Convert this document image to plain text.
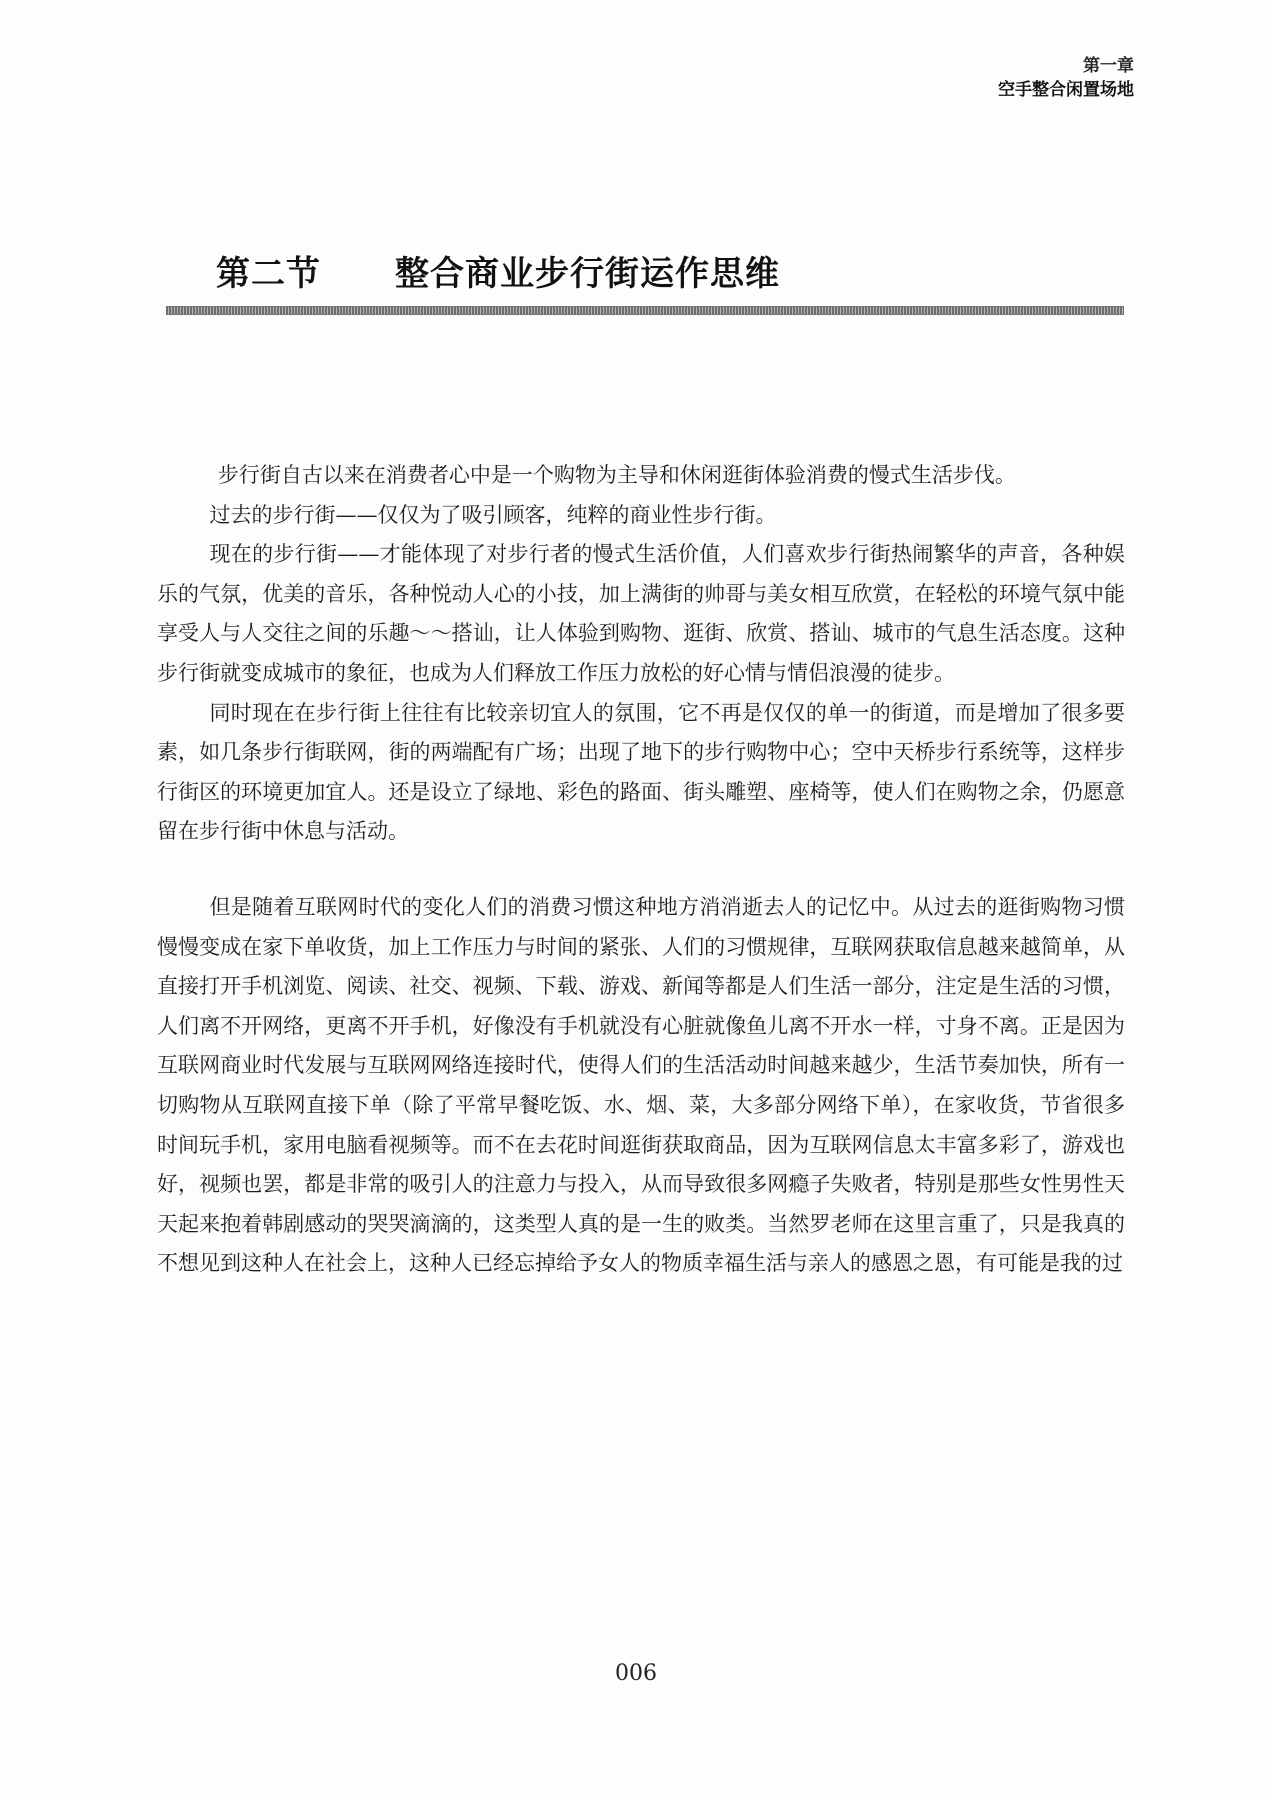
第一章
空手整合闲置场地
第二节 整合商业步行街运作思维

步行街自古以来在消费者心中是一个购物为主导和休闲逛街体验消费的慢式生活步伐。

过去的步行街——仅仅为了吸引顾客，纯粹的商业性步行街。

现在的步行街——才能体现了对步行者的慢式生活价值，人们喜欢步行街热闹繁华的声音，各种娱乐的气氛，优美的音乐，各种悦动人心的小技，加上满街的帅哥与美女相互欣赏，在轻松的环境气氛中能享受人与人交往之间的乐趣～～搭讪，让人体验到购物、逛街、欣赏、搭讪、城市的气息生活态度。这种步行街就变成城市的象征，也成为人们释放工作压力放松的好心情与情侣浪漫的徒步。

同时现在在步行街上往往有比较亲切宜人的氛围，它不再是仅仅的单一的街道，而是增加了很多要素，如几条步行街联网，街的两端配有广场；出现了地下的步行购物中心；空中天桥步行系统等，这样步行街区的环境更加宜人。还是设立了绿地、彩色的路面、街头雕塑、座椅等，使人们在购物之余，仍愿意留在步行街中休息与活动。

但是随着互联网时代的变化人们的消费习惯这种地方消消逝去人的记忆中。从过去的逛街购物习惯慢慢变成在家下单收货，加上工作压力与时间的紧张、人们的习惯规律，互联网获取信息越来越简单，从直接打开手机浏览、阅读、社交、视频、下载、游戏、新闻等都是人们生活一部分，注定是生活的习惯，人们离不开网络，更离不开手机，好像没有手机就没有心脏就像鱼儿离不开水一样，寸身不离。正是因为互联网商业时代发展与互联网网络连接时代，使得人们的生活活动时间越来越少，生活节奏加快，所有一切购物从互联网直接下单（除了平常早餐吃饭、水、烟、菜，大多部分网络下单），在家收货，节省很多时间玩手机，家用电脑看视频等。而不在去花时间逛街获取商品，因为互联网信息太丰富多彩了，游戏也好，视频也罢，都是非常的吸引人的注意力与投入，从而导致很多网瘾子失败者，特别是那些女性男性天天起来抱着韩剧感动的哭哭滴滴的，这类型人真的是一生的败类。当然罗老师在这里言重了，只是我真的不想见到这种人在社会上，这种人已经忘掉给予女人的物质幸福生活与亲人的感恩之恩，有可能是我的过

006
